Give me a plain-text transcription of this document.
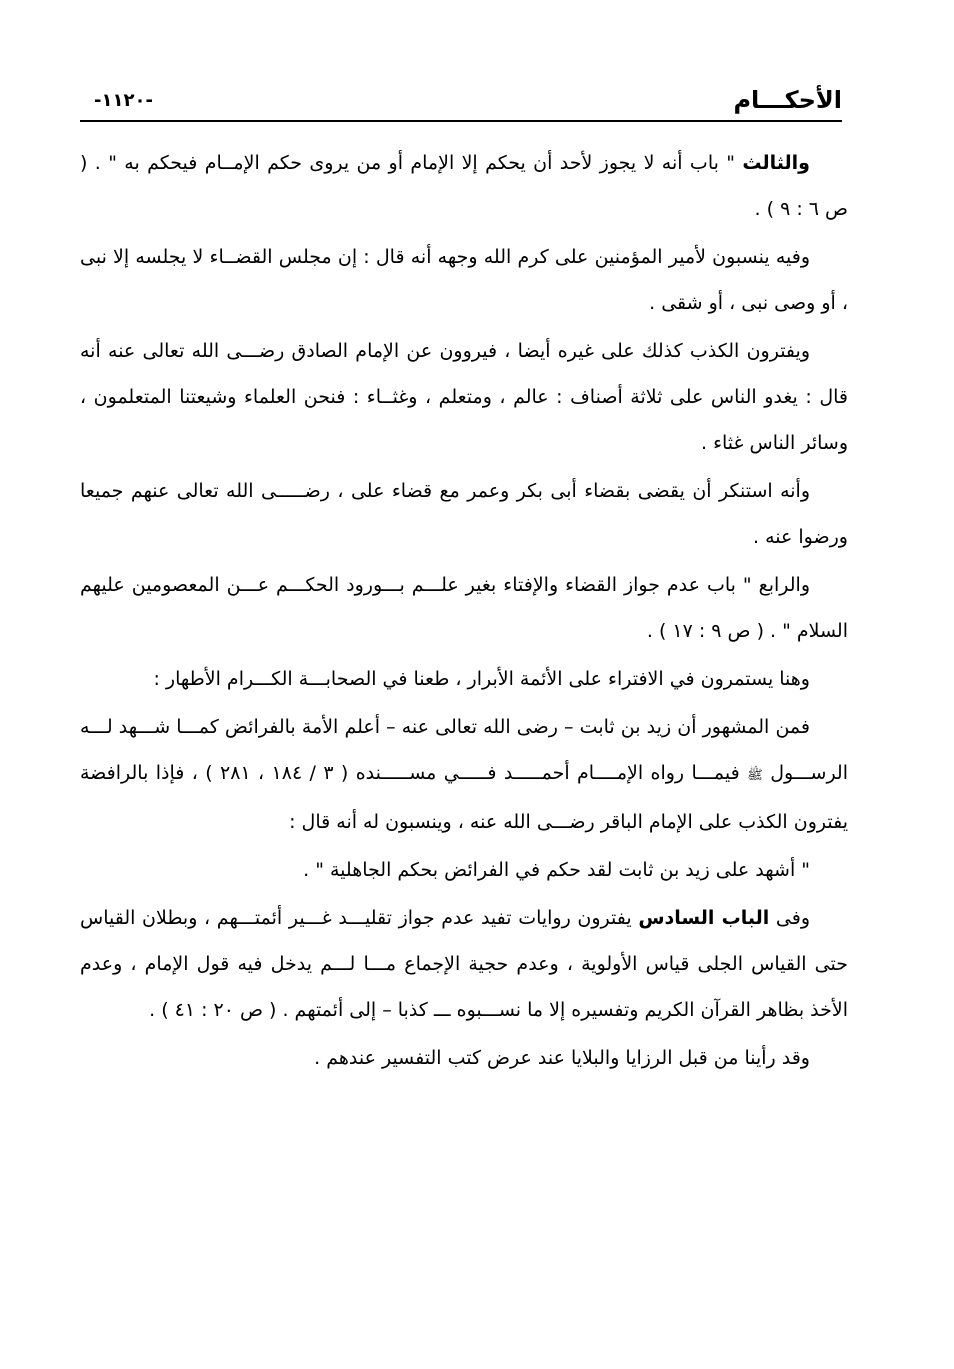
الأحكـــام
-١١٢٠-

والثالث " باب أنه لا يجوز لأحد أن يحكم إلا الإمام أو من يروى حكم الإمــام فيحكم به " . ( ص ٦ : ٩ ) .

وفيه ينسبون لأمير المؤمنين على كرم الله وجهه أنه قال : إن مجلس القضــاء لا يجلسه إلا نبى ، أو وصى نبى ، أو شقى .

ويفترون الكذب كذلك على غيره أيضا ، فيروون عن الإمام الصادق رضـــى الله تعالى عنه أنه قال : يغدو الناس على ثلاثة أصناف : عالم ، ومتعلم ، وغثــاء : فنحن العلماء وشيعتنا المتعلمون ، وسائر الناس غثاء .

وأنه استنكر أن يقضى بقضاء أبى بكر وعمر مع قضاء على ، رضـــــى الله تعالى عنهم جميعا ورضوا عنه .

والرابع " باب عدم جواز القضاء والإفتاء بغير علـــم بـــورود الحكـــم عـــن المعصومين عليهم السلام " . ( ص ٩ : ١٧ ) .

وهنا يستمرون في الافتراء على الأئمة الأبرار ، طعنا في الصحابـــة الكـــرام الأطهار :

فمن المشهور أن زيد بن ثابت – رضى الله تعالى عنه – أعلم الأمة بالفرائض كمـــا شـــهد لـــه الرســـول ﷺ فيمـــا رواه الإمــــام أحمـــــد فـــــي مســـــنده ( ٣ / ١٨٤ ، ٢٨١ ) ، فإذا بالرافضة يفترون الكذب على الإمام الباقر رضـــى الله عنه ، وينسبون له أنه قال :

" أشهد على زيد بن ثابت لقد حكم في الفرائض بحكم الجاهلية " .

وفى الباب السادس يفترون روايات تفيد عدم جواز تقليـــد غـــير أئمتـــهم ، وبطلان القياس حتى القياس الجلى قياس الأولوية ، وعدم حجية الإجماع مـــا لـــم يدخل فيه قول الإمام ، وعدم الأخذ بظاهر القرآن الكريم وتفسيره إلا ما نســـبوه ـــ كذبا – إلى أئمتهم . ( ص ٢٠ : ٤١ ) .

وقد رأينا من قبل الرزايا والبلايا عند عرض كتب التفسير عندهم .
